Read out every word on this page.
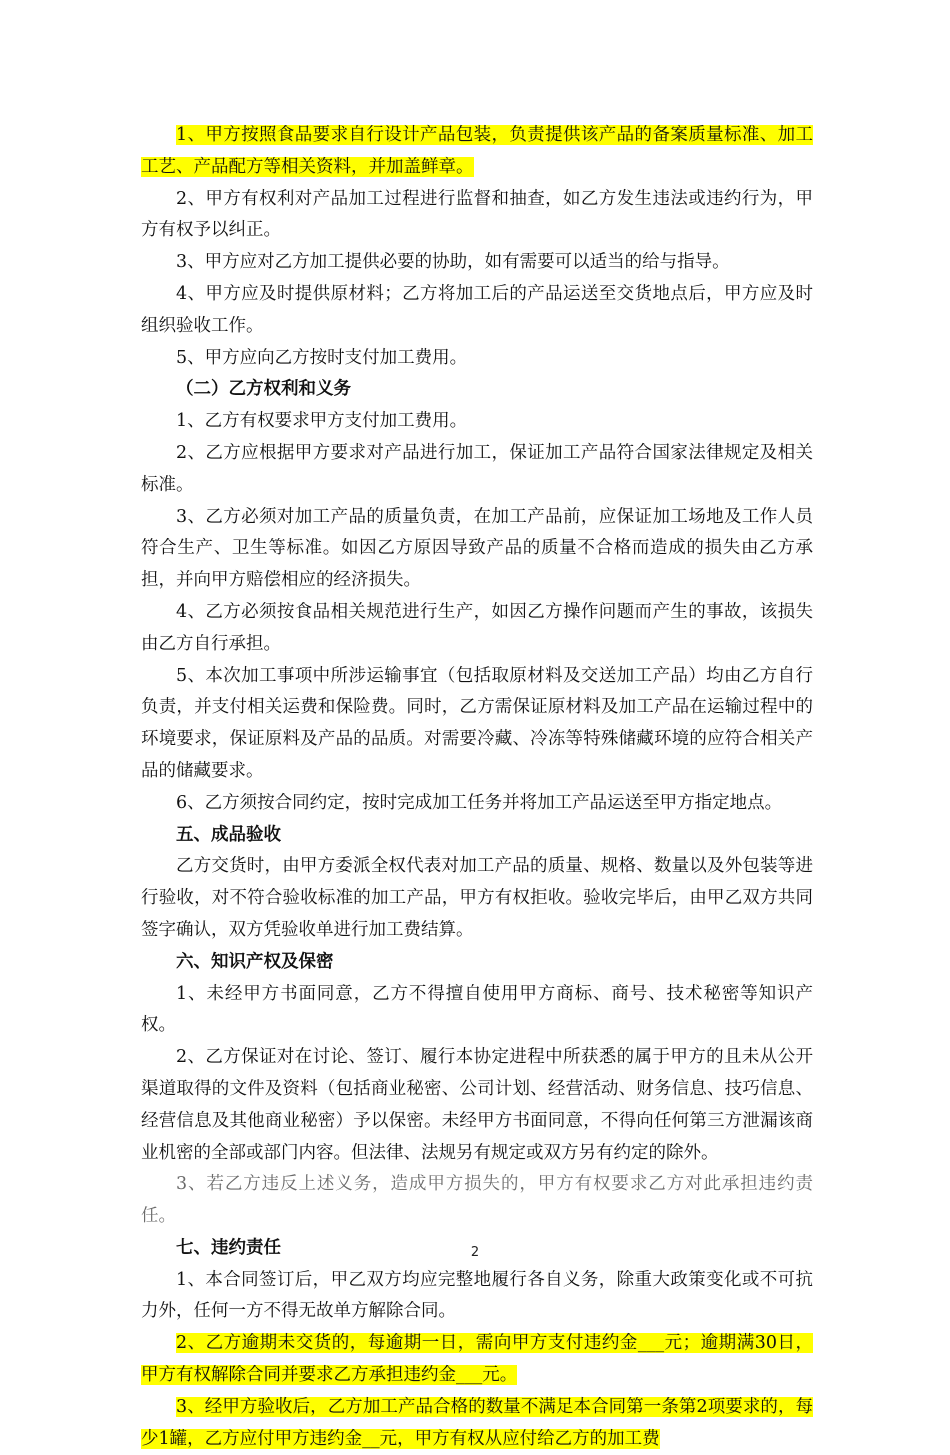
1、甲方按照食品要求自行设计产品包装，负责提供该产品的备案质量标准、加工工艺、产品配方等相关资料，并加盖鲜章。

2、甲方有权利对产品加工过程进行监督和抽查，如乙方发生违法或违约行为，甲方有权予以纠正。

3、甲方应对乙方加工提供必要的协助，如有需要可以适当的给与指导。

4、甲方应及时提供原材料；乙方将加工后的产品运送至交货地点后，甲方应及时组织验收工作。

5、甲方应向乙方按时支付加工费用。

（二）乙方权利和义务

1、乙方有权要求甲方支付加工费用。

2、乙方应根据甲方要求对产品进行加工，保证加工产品符合国家法律规定及相关标准。

3、乙方必须对加工产品的质量负责，在加工产品前，应保证加工场地及工作人员符合生产、卫生等标准。如因乙方原因导致产品的质量不合格而造成的损失由乙方承担，并向甲方赔偿相应的经济损失。

4、乙方必须按食品相关规范进行生产，如因乙方操作问题而产生的事故，该损失由乙方自行承担。

5、本次加工事项中所涉运输事宜（包括取原材料及交送加工产品）均由乙方自行负责，并支付相关运费和保险费。同时，乙方需保证原材料及加工产品在运输过程中的环境要求，保证原料及产品的品质。对需要冷藏、冷冻等特殊储藏环境的应符合相关产品的储藏要求。

6、乙方须按合同约定，按时完成加工任务并将加工产品运送至甲方指定地点。

五、成品验收

乙方交货时，由甲方委派全权代表对加工产品的质量、规格、数量以及外包装等进行验收，对不符合验收标准的加工产品，甲方有权拒收。验收完毕后，由甲乙双方共同签字确认，双方凭验收单进行加工费结算。

六、知识产权及保密

1、未经甲方书面同意，乙方不得擅自使用甲方商标、商号、技术秘密等知识产权。

2、乙方保证对在讨论、签订、履行本协定进程中所获悉的属于甲方的且未从公开渠道取得的文件及资料（包括商业秘密、公司计划、经营活动、财务信息、技巧信息、经营信息及其他商业秘密）予以保密。未经甲方书面同意，不得向任何第三方泄漏该商业机密的全部或部门内容。但法律、法规另有规定或双方另有约定的除外。

3、若乙方违反上述义务，造成甲方损失的，甲方有权要求乙方对此承担违约责任。

七、违约责任

1、本合同签订后，甲乙双方均应完整地履行各自义务，除重大政策变化或不可抗力外，任何一方不得无故单方解除合同。

2、乙方逾期未交货的，每逾期一日，需向甲方支付违约金___元；逾期满30日，甲方有权解除合同并要求乙方承担违约金___元。

3、经甲方验收后，乙方加工产品合格的数量不满足本合同第一条第2项要求的，每少1罐，乙方应付甲方违约金__元，甲方有权从应付给乙方的加工费

2
